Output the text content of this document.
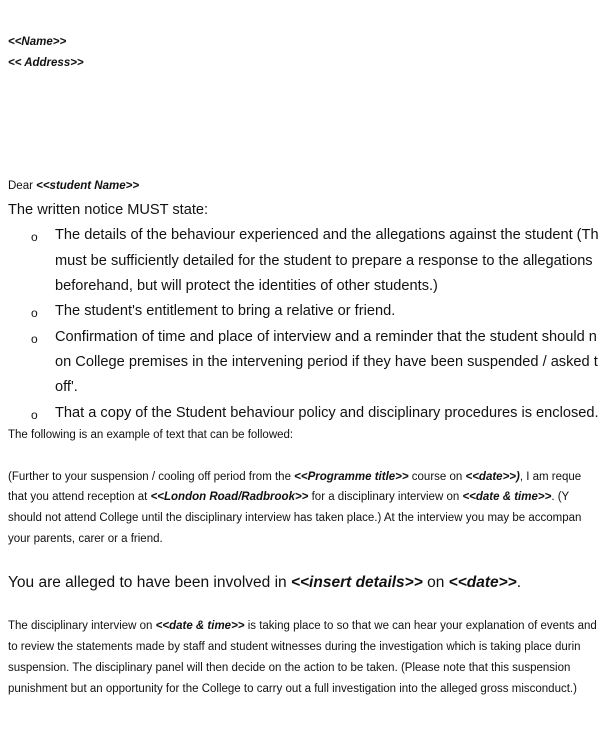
<<Name>>
<< Address>>
Dear <<student Name>>
The written notice MUST state:
o The details of the behaviour experienced and the allegations against the student (Th
must be sufficiently detailed for the student to prepare a response to the allegations
beforehand, but will protect the identities of other students.)
o The student's entitlement to bring a relative or friend.
o Confirmation of time and place of interview and a reminder that the student should n
on College premises in the intervening period if they have been suspended / asked t
off'.
o That a copy of the Student behaviour policy and disciplinary procedures is enclosed.
The following is an example of text that can be followed:
(Further to your suspension / cooling off period from the <<Programme title>> course on <<date>>), I am reque
that you attend reception at <<London Road/Radbrook>> for a disciplinary interview on <<date & time>>. (Y
should not attend College until the disciplinary interview has taken place.) At the interview you may be accompan
your parents, carer or a friend.
You are alleged to have been involved in <<insert details>> on <<date>>.
The disciplinary interview on <<date & time>> is taking place to so that we can hear your explanation of events and
to review the statements made by staff and student witnesses during the investigation which is taking place durin
suspension. The disciplinary panel will then decide on the action to be taken. (Please note that this suspension
punishment but an opportunity for the College to carry out a full investigation into the alleged gross misconduct.)
